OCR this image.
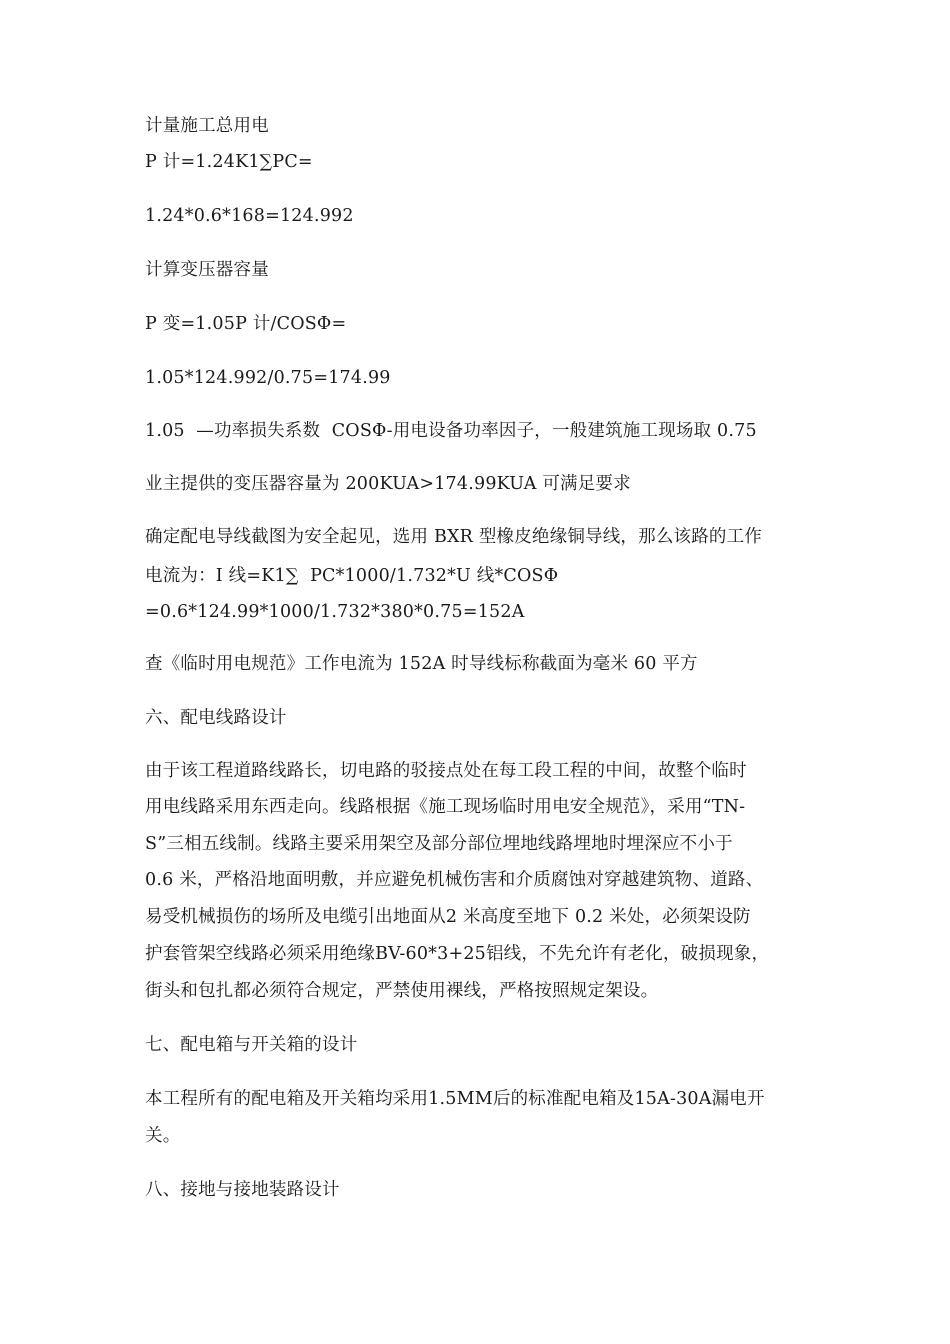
计量施工总用电
P 计=1.24K1∑PC=
1.24*0.6*168=124.992
计算变压器容量
P 变=1.05P 计/COSΦ=
1.05*124.992/0.75=174.99
1.05  —功率损失系数  COSΦ-用电设备功率因子，一般建筑施工现场取 0.75
业主提供的变压器容量为 200KUA>174.99KUA 可满足要求
确定配电导线截图为安全起见，选用 BXR 型橡皮绝缘铜导线，那么该路的工作
电流为：I 线=K1∑  PC*1000/1.732*U 线*COSΦ
=0.6*124.99*1000/1.732*380*0.75=152A
查《临时用电规范》工作电流为 152A 时导线标称截面为毫米 60 平方
六、配电线路设计
由于该工程道路线路长，切电路的驳接点处在每工段工程的中间，故整个临时
用电线路采用东西走向。线路根据《施工现场临时用电安全规范》，采用“TN-
S”三相五线制。线路主要采用架空及部分部位埋地线路埋地时埋深应不小于
0.6 米，严格沿地面明敷，并应避免机械伤害和介质腐蚀对穿越建筑物、道路、
易受机械损伤的场所及电缆引出地面从2 米高度至地下 0.2 米处，必须架设防
护套管架空线路必须采用绝缘BV-60*3+25铝线，不先允许有老化，破损现象，
街头和包扎都必须符合规定，严禁使用裸线，严格按照规定架设。
七、配电箱与开关箱的设计
本工程所有的配电箱及开关箱均采用1.5MM后的标准配电箱及15A-30A漏电开
关。
八、接地与接地装路设计
